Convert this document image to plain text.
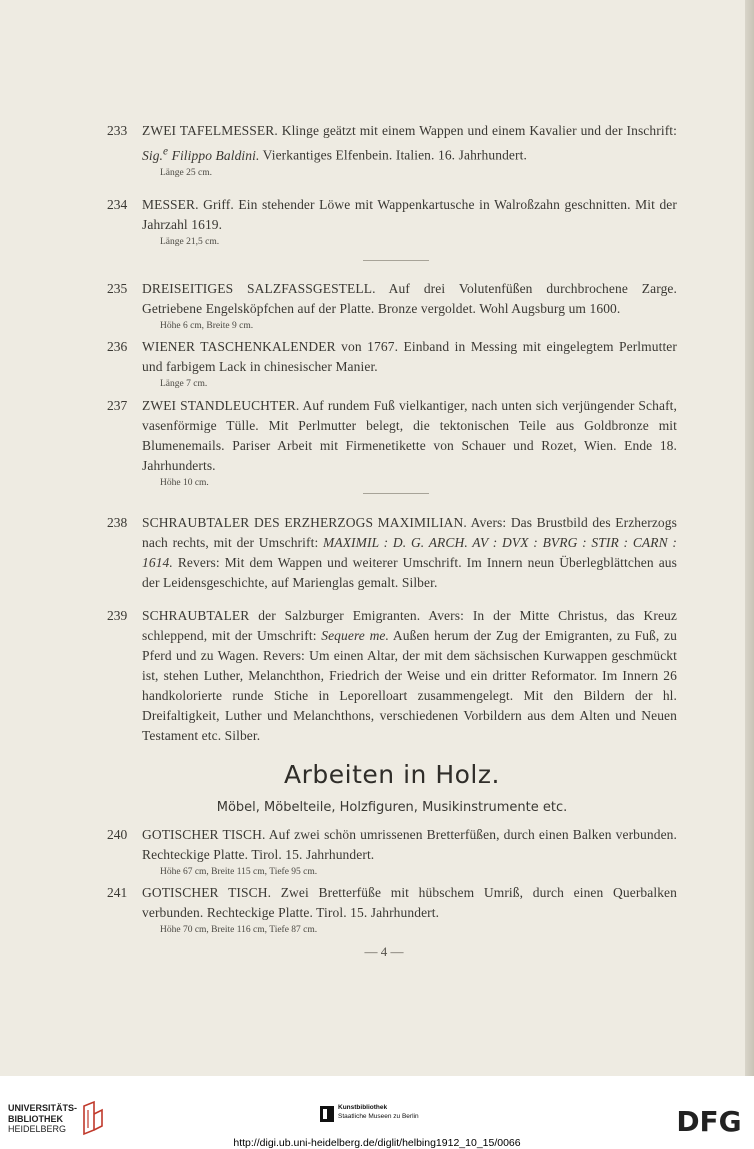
233 ZWEI TAFELMESSER. Klinge geätzt mit einem Wappen und einem Kavalier und der Inschrift: Sig.$^e$ Filippo Baldini. Vierkantiges Elfenbein. Italien. 16. Jahrhundert.
Länge 25 cm.
234 MESSER. Griff. Ein stehender Löwe mit Wappenkartusche in Walroßzahn geschnitten. Mit der Jahrzahl 1619.
Länge 21,5 cm.
235 DREISEITIGES SALZFASSGESTELL. Auf drei Volutenfüßen durchbrochene Zarge. Getriebene Engelsköpfchen auf der Platte. Bronze vergoldet. Wohl Augsburg um 1600.
Höhe 6 cm, Breite 9 cm.
236 WIENER TASCHENKALENDER von 1767. Einband in Messing mit eingelegtem Perlmutter und farbigem Lack in chinesischer Manier.
Länge 7 cm.
237 ZWEI STANDLEUCHTER. Auf rundem Fuß vielkantiger, nach unten sich verjüngender Schaft, vasenförmige Tülle. Mit Perlmutter belegt, die tektonischen Teile aus Goldbronze mit Blumenemails. Pariser Arbeit mit Firmenetikette von Schauer und Rozet, Wien. Ende 18. Jahrhunderts.
Höhe 10 cm.
238 SCHRAUBTALER DES ERZHERZOGS MAXIMILIAN. Avers: Das Brustbild des Erzherzogs nach rechts, mit der Umschrift: MAXIMIL : D. G. ARCH. AV : DVX : BVRG : STIR : CARN : 1614. Revers: Mit dem Wappen und weiterer Umschrift. Im Innern neun Überlegblättchen aus der Leidensgeschichte, auf Marienglas gemalt. Silber.
239 SCHRAUBTALER der Salzburger Emigranten. Avers: In der Mitte Christus, das Kreuz schleppend, mit der Umschrift: Sequere me. Außen herum der Zug der Emigranten, zu Fuß, zu Pferd und zu Wagen. Revers: Um einen Altar, der mit dem sächsischen Kurwappen geschmückt ist, stehen Luther, Melanchthon, Friedrich der Weise und ein dritter Reformator. Im Innern 26 handkolorierte runde Stiche in Leporelloart zusammengelegt. Mit den Bildern der hl. Dreifaltigkeit, Luther und Melanchthons, verschiedenen Vorbildern aus dem Alten und Neuen Testament etc. Silber.
Arbeiten in Holz.
Möbel, Möbelteile, Holzfiguren, Musikinstrumente etc.
240 GOTISCHER TISCH. Auf zwei schön umrissenen Bretterfüßen, durch einen Balken verbunden. Rechteckige Platte. Tirol. 15. Jahrhundert.
Höhe 67 cm, Breite 115 cm, Tiefe 95 cm.
241 GOTISCHER TISCH. Zwei Bretterfüße mit hübschem Umriß, durch einen Querbalken verbunden. Rechteckige Platte. Tirol. 15. Jahrhundert.
Höhe 70 cm, Breite 116 cm, Tiefe 87 cm.
— 4 —
UNIVERSITÄTS-
BIBLIOTHEK
HEIDELBERG
Kunstbibliothek
Staatliche Museen zu Berlin	DFG
http://digi.ub.uni-heidelberg.de/diglit/helbing1912_10_15/0066
